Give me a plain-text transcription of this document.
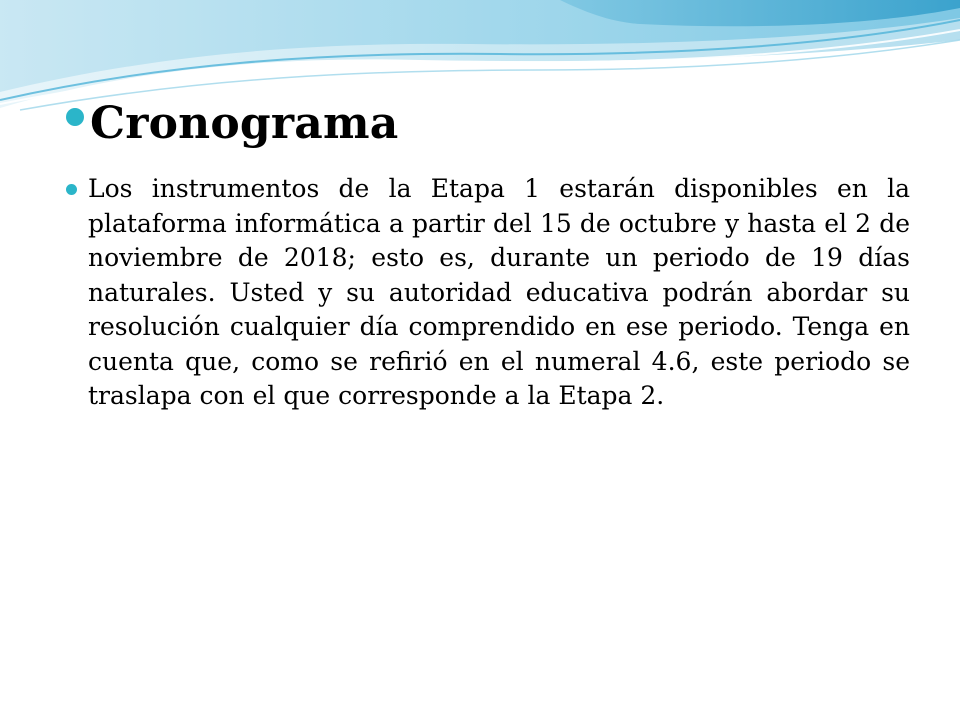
Cronograma

Los instrumentos de la Etapa 1 estarán disponibles en la plataforma informática a partir del 15 de octubre y hasta el 2 de noviembre de 2018; esto es, durante un periodo de 19 días naturales. Usted y su autoridad educativa podrán abordar su resolución cualquier día comprendido en ese periodo. Tenga en cuenta que, como se refirió en el numeral 4.6, este periodo se traslapa con el que corresponde a la Etapa 2.
